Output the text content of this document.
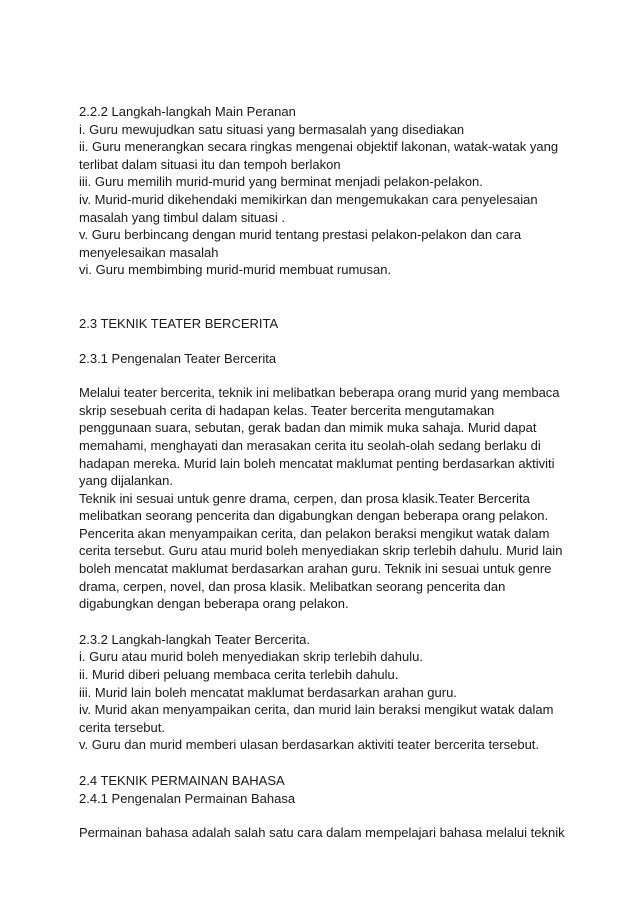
2.2.2 Langkah-langkah Main Peranan
i. Guru mewujudkan satu situasi yang bermasalah yang disediakan
ii. Guru menerangkan secara ringkas mengenai objektif lakonan, watak-watak yang
terlibat dalam situasi itu dan tempoh berlakon
iii. Guru memilih murid-murid yang berminat menjadi pelakon-pelakon.
iv. Murid-murid dikehendaki memikirkan dan mengemukakan cara penyelesaian
masalah yang timbul dalam situasi .
v. Guru berbincang dengan murid tentang prestasi pelakon-pelakon dan cara
menyelesaikan masalah
vi. Guru membimbing murid-murid membuat rumusan.
2.3 TEKNIK TEATER BERCERITA
2.3.1 Pengenalan Teater Bercerita
Melalui teater bercerita, teknik ini melibatkan beberapa orang murid yang membaca
skrip sesebuah cerita di hadapan kelas. Teater bercerita mengutamakan
penggunaan suara, sebutan, gerak badan dan mimik muka sahaja. Murid dapat
memahami, menghayati dan merasakan cerita itu seolah-olah sedang berlaku di
hadapan mereka. Murid lain boleh mencatat maklumat penting berdasarkan aktiviti
yang dijalankan.
Teknik ini sesuai untuk genre drama, cerpen, dan prosa klasik.Teater Bercerita
melibatkan seorang pencerita dan digabungkan dengan beberapa orang pelakon.
Pencerita akan menyampaikan cerita, dan pelakon beraksi mengikut watak dalam
cerita tersebut. Guru atau murid boleh menyediakan skrip terlebih dahulu. Murid lain
boleh mencatat maklumat berdasarkan arahan guru. Teknik ini sesuai untuk genre
drama, cerpen, novel, dan prosa klasik. Melibatkan seorang pencerita dan
digabungkan dengan beberapa orang pelakon.
2.3.2 Langkah-langkah Teater Bercerita.
i. Guru atau murid boleh menyediakan skrip terlebih dahulu.
ii. Murid diberi peluang membaca cerita terlebih dahulu.
iii. Murid lain boleh mencatat maklumat berdasarkan arahan guru.
iv. Murid akan menyampaikan cerita, dan murid lain beraksi mengikut watak dalam
cerita tersebut.
v. Guru dan murid memberi ulasan berdasarkan aktiviti teater bercerita tersebut.
2.4 TEKNIK PERMAINAN BAHASA
2.4.1 Pengenalan Permainan Bahasa
Permainan bahasa adalah salah satu cara dalam mempelajari bahasa melalui teknik
